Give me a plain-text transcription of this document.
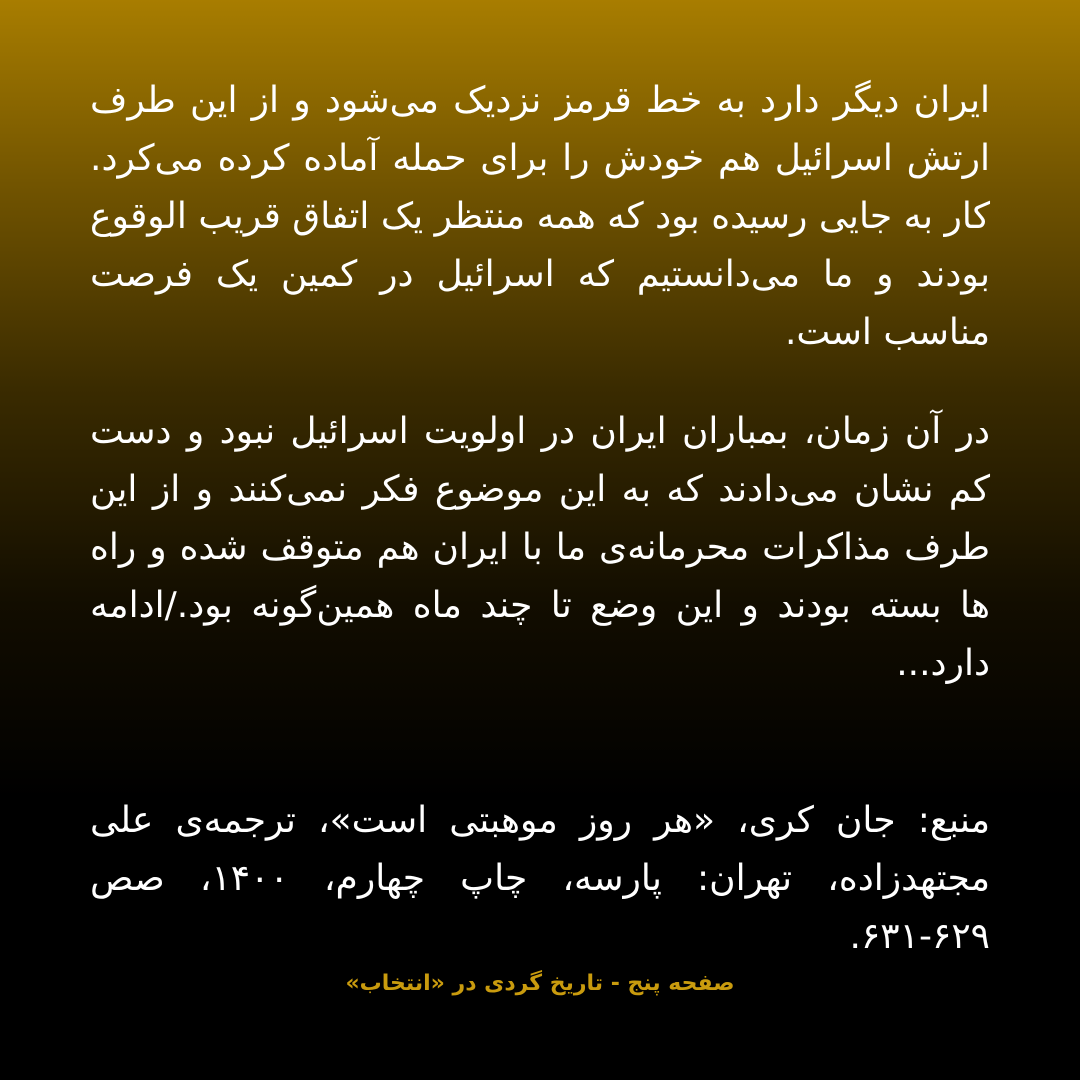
ایران دیگر دارد به خط قرمز نزدیک می‌شود و از این طرف ارتش اسرائیل هم خودش را برای حمله آماده کرده می‌کرد. کار به جایی رسیده بود که همه منتظر یک اتفاق قریب الوقوع بودند و ما می‌دانستیم که اسرائیل در کمین یک فرصت مناسب است.

در آن زمان، بمباران ایران در اولویت اسرائیل نبود و دست کم نشان می‌دادند که به این موضوع فکر نمی‌کنند و از این طرف مذاکرات محرمانه‌ی ما با ایران هم متوقف شده و راه ها بسته بودند و این وضع تا چند ماه همین‌گونه بود./ادامه دارد...

منبع: جان کری، «هر روز موهبتی است»، ترجمه‌ی علی مجتهدزاده، تهران: پارسه، چاپ چهارم، ۱۴۰۰، صص ۶۲۹-۶۳۱.

صفحه پنج - تاریخ گردی در «انتخاب»
